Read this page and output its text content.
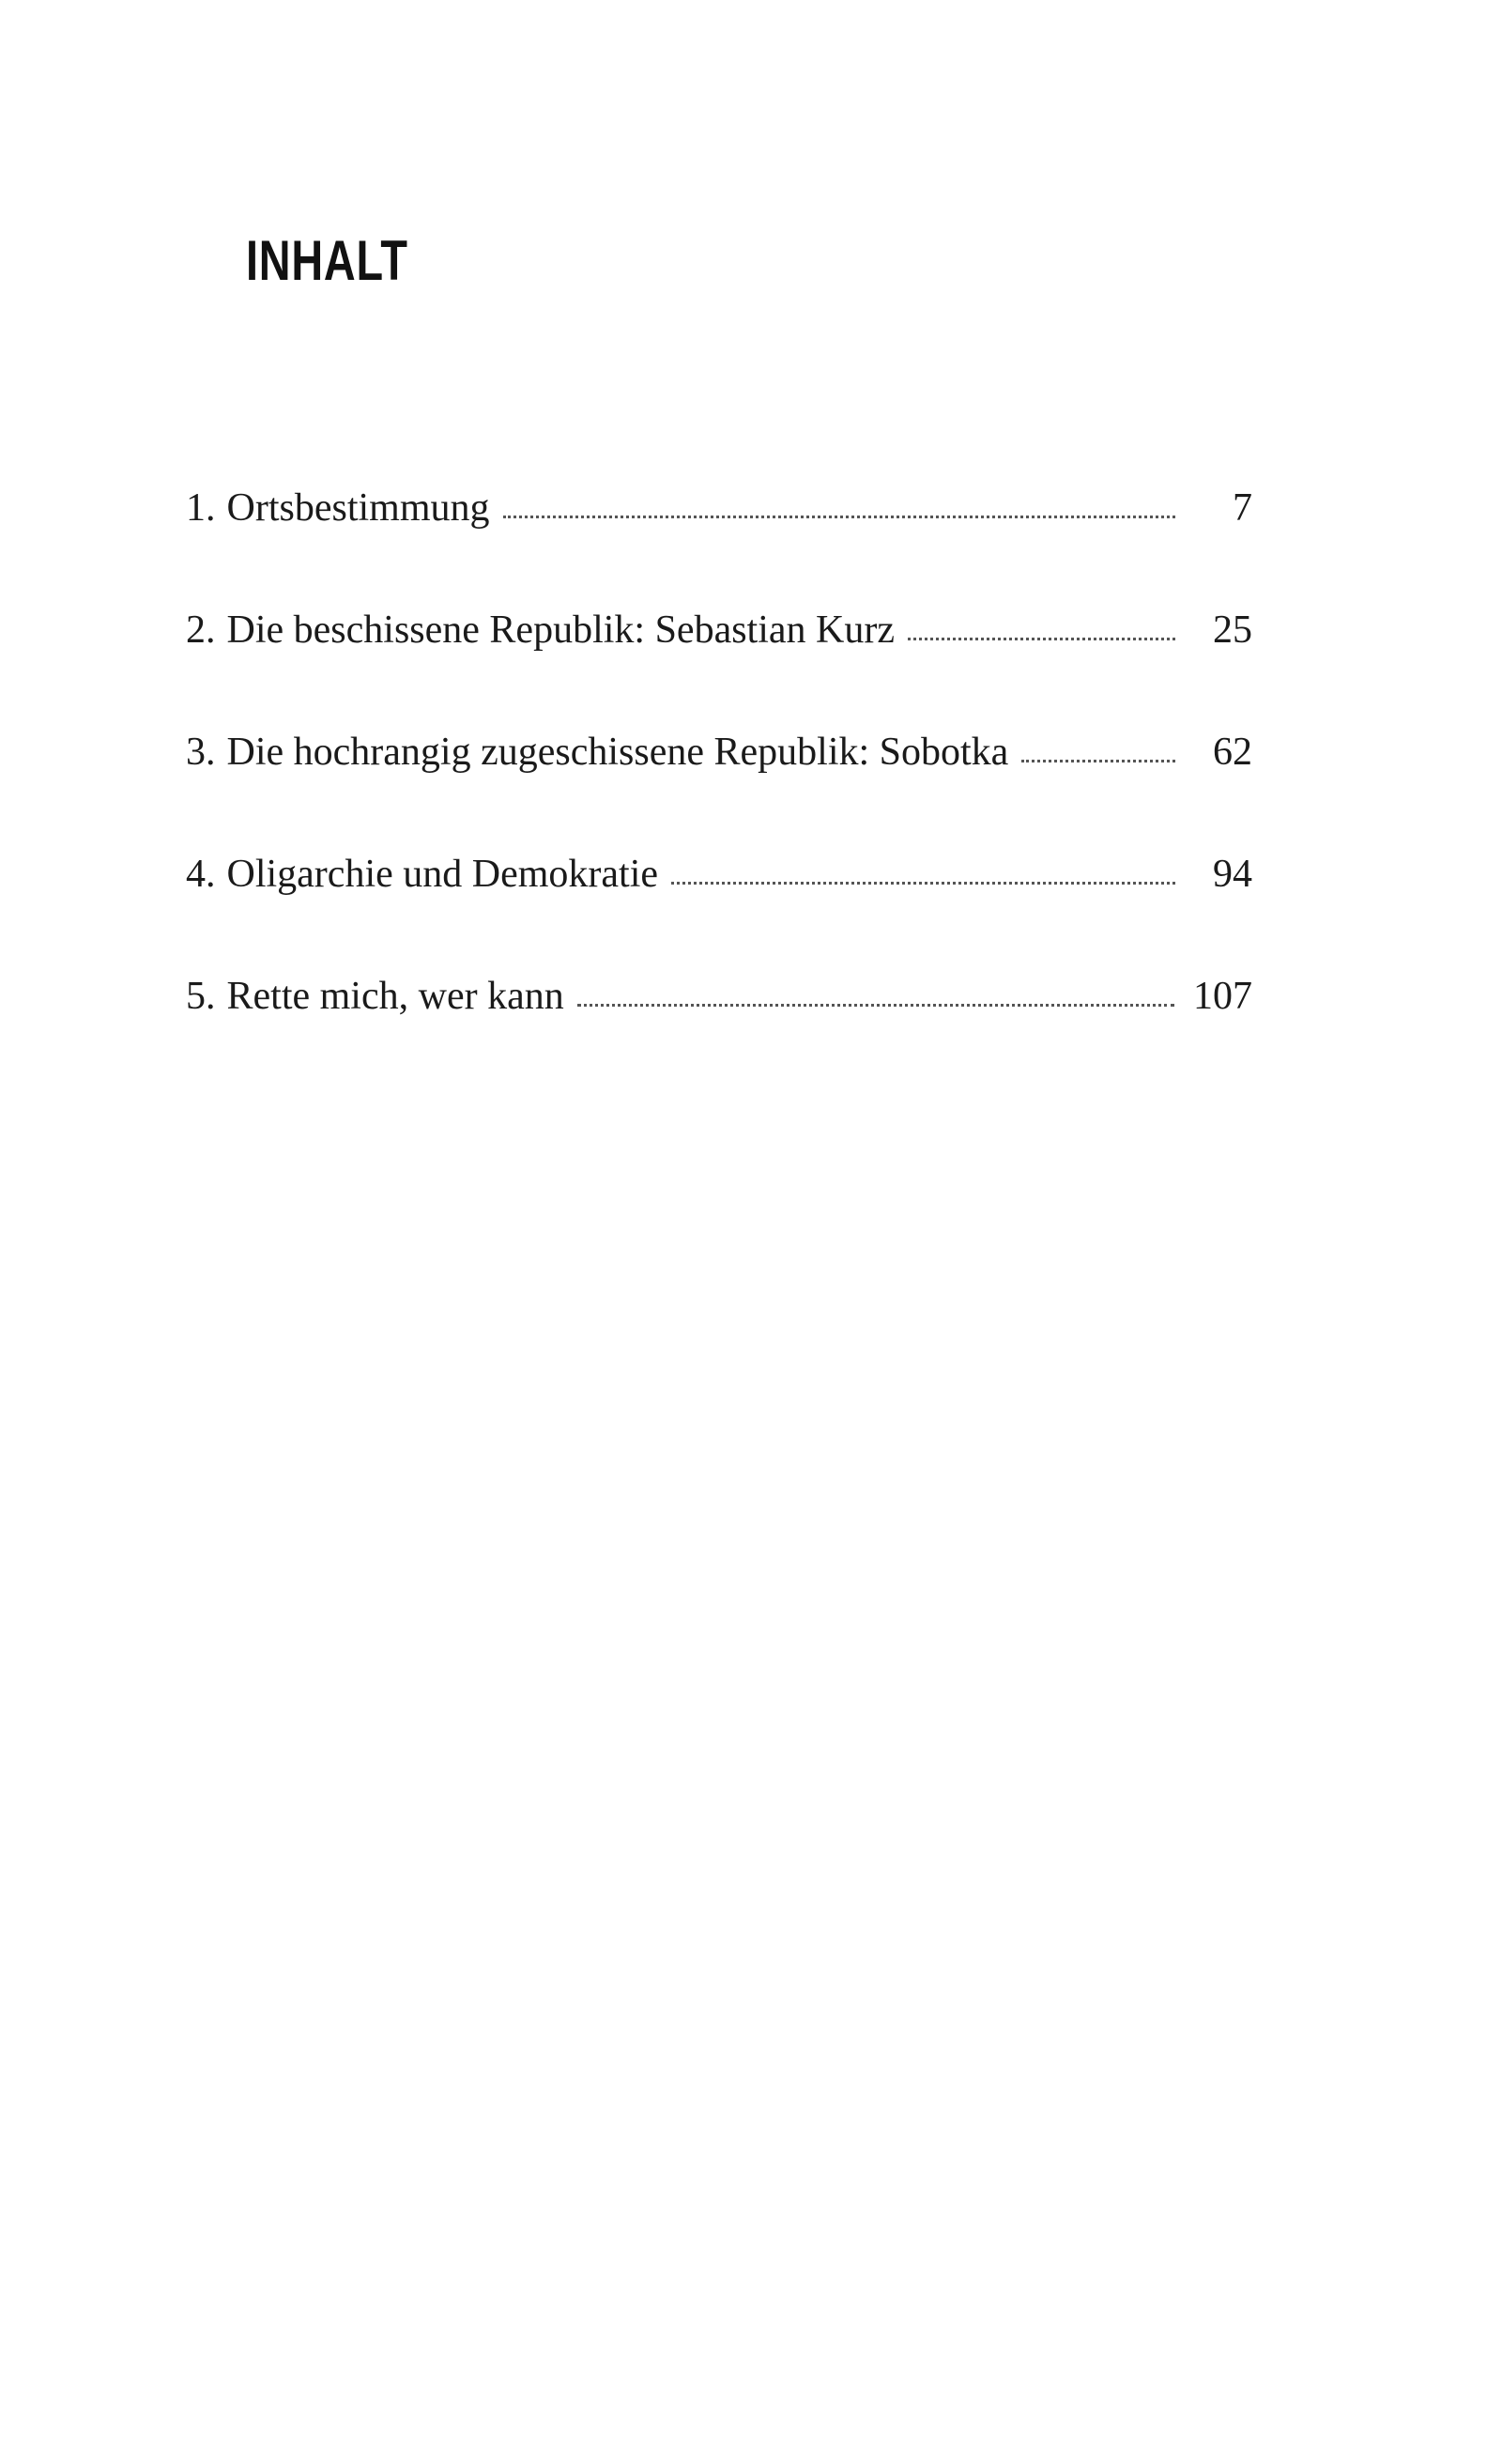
INHALT
1. Ortsbestimmung	7
2. Die beschissene Republik: Sebastian Kurz	25
3. Die hochrangig zugeschissene Republik: Sobotka	62
4. Oligarchie und Demokratie	94
5. Rette mich, wer kann	107
